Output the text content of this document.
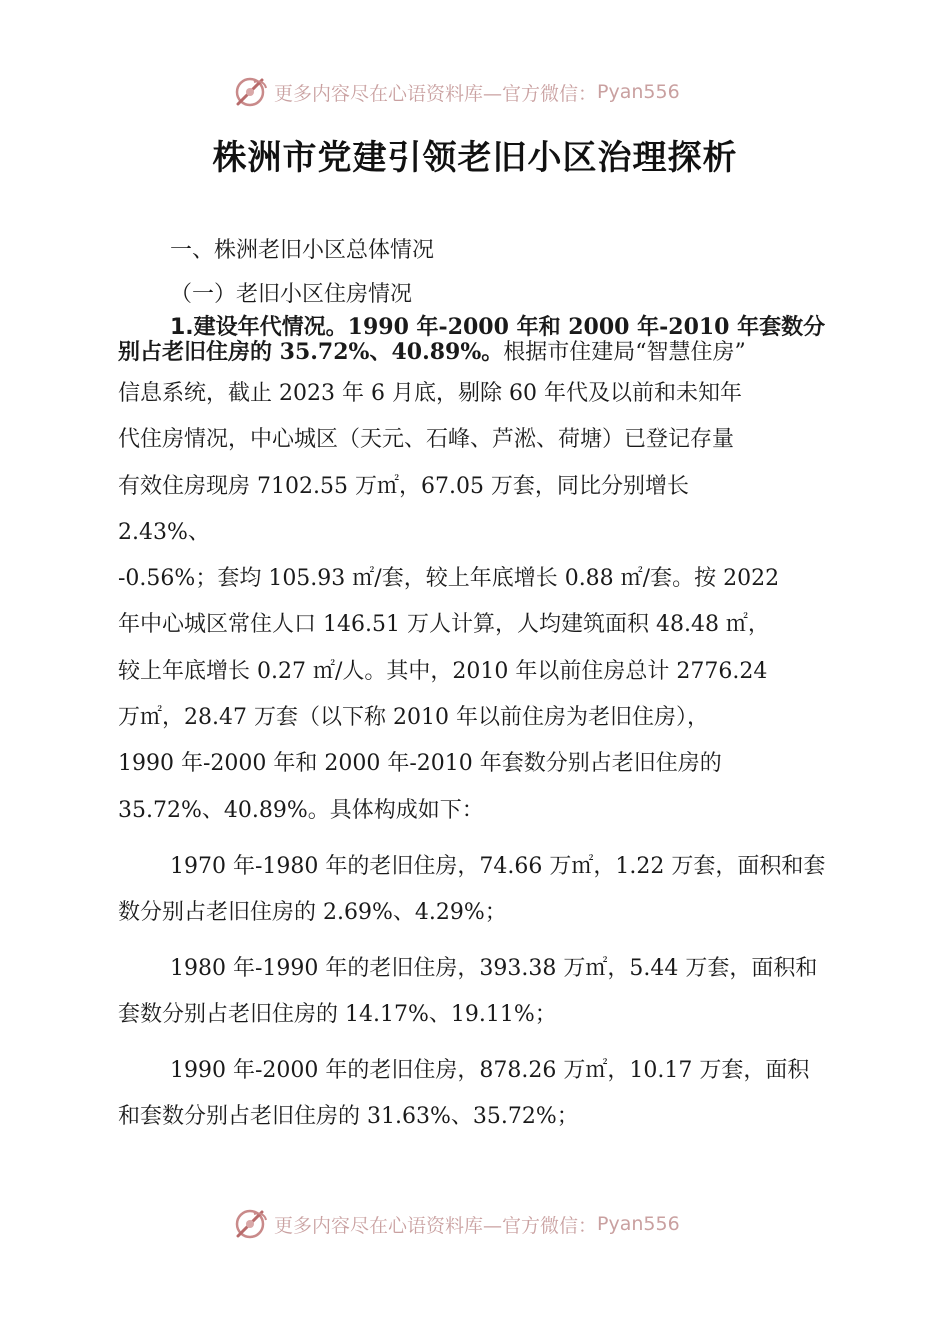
更多内容尽在心语资料库—官方微信： Pyan556
株洲市党建引领老旧小区治理探析

一、株洲老旧小区总体情况

（一）老旧小区住房情况

1.建设年代情况。1990 年-2000 年和 2000 年-2010 年套数分别占老旧住房的 35.72%、40.89%。根据市住建局“智慧住房”

信息系统，截止 2023 年 6 月底，剔除 60 年代及以前和未知年
代住房情况，中心城区（天元、石峰、芦淞、荷塘）已登记存量
有效住房现房 7102.55 万㎡，67.05 万套，同比分别增长
2.43%、
-0.56%；套均 105.93 ㎡/套，较上年底增长 0.88 ㎡/套。按 2022
年中心城区常住人口 146.51 万人计算，人均建筑面积 48.48 ㎡，
较上年底增长 0.27 ㎡/人。其中，2010 年以前住房总计 2776.24
万㎡，28.47 万套（以下称 2010 年以前住房为老旧住房），
1990 年-2000 年和 2000 年-2010 年套数分别占老旧住房的
35.72%、40.89%。具体构成如下：

1970 年-1980 年的老旧住房，74.66 万㎡，1.22 万套，面积和套数分别占老旧住房的 2.69%、4.29%；

1980 年-1990 年的老旧住房，393.38 万㎡，5.44 万套，面积和套数分别占老旧住房的 14.17%、19.11%；

1990 年-2000 年的老旧住房，878.26 万㎡，10.17 万套，面积和套数分别占老旧住房的 31.63%、35.72%；

更多内容尽在心语资料库—官方微信： Pyan556
